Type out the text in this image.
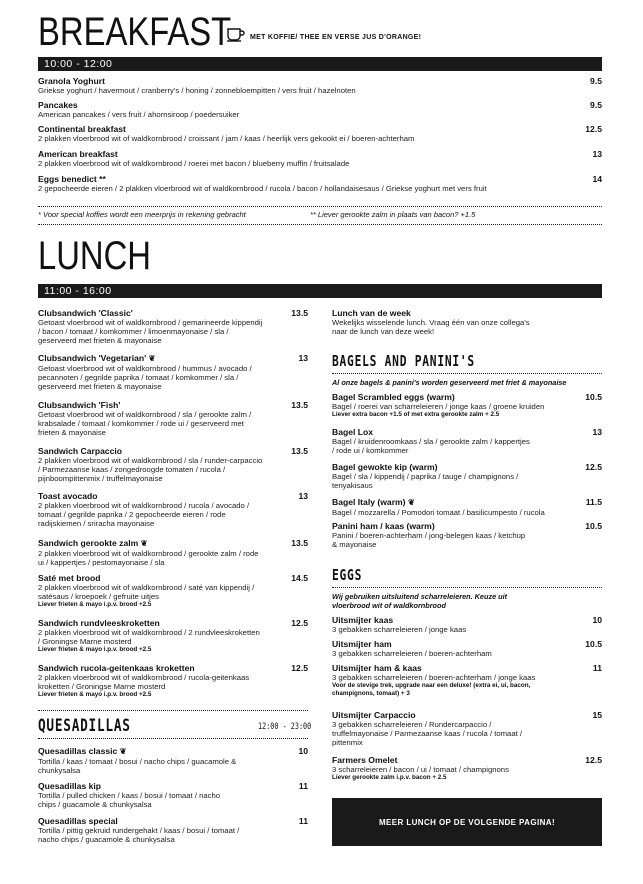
BREAKFAST	MET KOFFIE/ THEE EN VERSE JUS D'ORANGE!
10:00 - 12:00
Granola Yoghurt	9.5
Griekse yoghurt / havermout / cranberry's / honing / zonnebloempitten / vers fruit / hazelnoten
Pancakes	9.5
American pancakes / vers fruit / ahornsiroop / poedersuiker
Continental breakfast	12.5
2 plakken vloerbrood wit of waldkornbrood / croissant / jam / kaas / heerlijk vers gekookt ei / boeren-achterham
American breakfast	13
2 plakken vloerbrood wit of waldkornbrood / roerei met bacon / blueberry muffin / fruitsalade
Eggs benedict **	14
2 gepocheerde eieren / 2 plakken vloerbrood wit of waldkornbrood / rucola / bacon / hollandaisesaus / Griekse yoghurt met vers fruit
* Voor special koffies wordt een meerprijs in rekening gebracht	** Liever gerookte zalm in plaats van bacon? +1.5
LUNCH
11:00 - 16:00
Clubsandwich 'Classic'	13.5
Getoast vloerbrood wit of waldkornbrood / gemarineerde kippendij / bacon / tomaat / komkommer / limoenmayonaise / sla / geserveerd met frieten & mayonaise
Clubsandwich 'Vegetarian' ❦	13
Getoast vloerbrood wit of waldkornbrood / hummus / avocado / pecannoten / gegrilde paprika / tomaat / komkommer / sla / geserveerd met frieten & mayonaise
Clubsandwich 'Fish'	13.5
Getoast vloerbrood wit of waldkornbrood / sla / gerookte zalm / krabsalade / tomaat / komkommer / rode ui / geserveerd met frieten & mayonaise
Sandwich Carpaccio	13.5
2 plakken vloerbrood wit of waldkornbrood / sla / runder-carpaccio / Parmezaanse kaas / zongedroogde tomaten / rucola / pijnboompittenmix / truffelmayonaise
Toast avocado	13
2 plakken vloerbrood wit of waldkornbrood / rucola / avocado / tomaat / gegrilde paprika / 2 gepocheerde eieren / rode radijskiemen / sriracha mayonaise
Sandwich gerookte zalm ❦	13.5
2 plakken vloerbrood wit of waldkornbrood / gerookte zalm / rode ui / kappertjes / pestomayonaise / sla
Saté met brood	14.5
2 plakken vloerbrood wit of waldkornbrood / saté van kippendij / satésaus / kroepoek / gefruite uitjes
Liever frieten & mayo i.p.v. brood +2.5
Sandwich rundvleeskroketten	12.5
2 plakken vloerbrood wit of waldkornbrood / 2 rundvleeskroketten / Groningse Marne mosterd
Liever frieten & mayo i.p.v. brood +2.5
Sandwich rucola-geitenkaas kroketten	12.5
2 plakken vloerbrood wit of waldkornbrood / rucola-geitenkaas kroketten / Groningse Marne mosterd
Liever frieten & mayo i.p.v. brood +2.5
QUESADILLAS	12:00 - 23:00
Quesadillas classic ❦	10
Tortilla / kaas / tomaat / bosui / nacho chips / guacamole & chunkysalsa
Quesadillas kip	11
Tortilla / pulled chicken / kaas / bosui / tomaat / nacho chips / guacamole & chunkysalsa
Quesadillas special	11
Tortilla / pittig gekruid rundergehakt / kaas / bosui / tomaat / nacho chips / guacamole & chunkysalsa
Lunch van de week
Wekelijks wisselende lunch. Vraag één van onze collega's naar de lunch van deze week!
BAGELS AND PANINI'S
Al onze bagels & panini's worden geserveerd met friet & mayonaise
Bagel Scrambled eggs (warm)	10.5
Bagel / roerei van scharreleieren / jonge kaas / groene kruiden
Liever extra bacon +1.5 of met extra gerookte zalm + 2.5
Bagel Lox	13
Bagel / kruidenroomkaas / sla / gerookte zalm / kappertjes / rode ui / komkommer
Bagel gewokte kip (warm)	12.5
Bagel / sla / kippendij / paprika / tauge / champignons / teriyakisaus
Bagel Italy (warm) ❦	11.5
Bagel / mozzarella / Pomodori tomaat / basilicumpesto / rucola
Panini ham / kaas (warm)	10.5
Panini / boeren-achterham / jong-belegen kaas / ketchup & mayonaise
EGGS
Wij gebruiken uitsluitend scharreleieren. Keuze uit vloerbrood wit of waldkornbrood
Uitsmijter kaas	10
3 gebakken scharreleieren / jonge kaas
Uitsmijter ham	10.5
3 gebakken scharreleieren / boeren-achterham
Uitsmijter ham & kaas	11
3 gebakken scharreleieren / boeren-achterham / jonge kaas
Voor de stevige trek, upgrade naar een deluxe! (extra ei, ui, bacon, champignons, tomaat) + 3
Uitsmijter Carpaccio	15
3 gebakken scharreleieren / Rundercarpaccio / truffelmayonaise / Parmezaanse kaas / rucola / tomaat / pittenmix
Farmers Omelet	12.5
3 scharreleieren / bacon / ui / tomaat / champignons
Liever gerookte zalm i.p.v. bacon + 2.5
MEER LUNCH OP DE VOLGENDE PAGINA!
